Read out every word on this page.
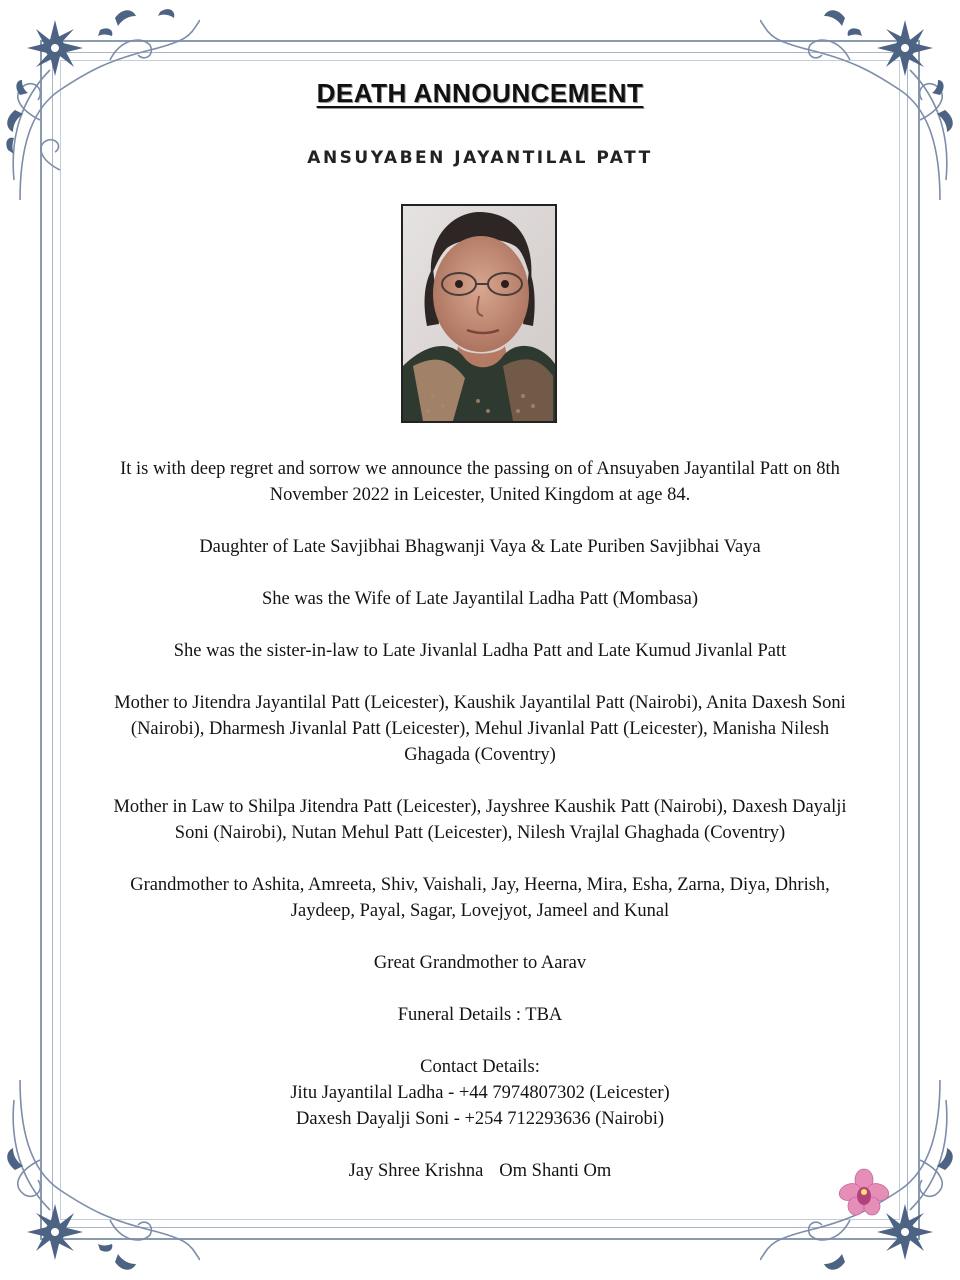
DEATH ANNOUNCEMENT
ANSUYABEN JAYANTILAL PATT

It is with deep regret and sorrow we announce the passing on of Ansuyaben Jayantilal Patt on 8th November 2022 in Leicester, United Kingdom at age 84.

Daughter of Late Savjibhai Bhagwanji Vaya & Late Puriben Savjibhai Vaya

She was the Wife of Late Jayantilal Ladha Patt (Mombasa)

She was the sister-in-law to Late Jivanlal Ladha Patt and Late Kumud Jivanlal Patt

Mother to Jitendra Jayantilal Patt (Leicester), Kaushik Jayantilal Patt (Nairobi), Anita Daxesh Soni (Nairobi), Dharmesh Jivanlal Patt (Leicester), Mehul Jivanlal Patt (Leicester), Manisha Nilesh Ghagada (Coventry)

Mother in Law to Shilpa Jitendra Patt (Leicester), Jayshree Kaushik Patt (Nairobi), Daxesh Dayalji Soni (Nairobi), Nutan Mehul Patt (Leicester), Nilesh Vrajlal Ghaghada (Coventry)

Grandmother to Ashita, Amreeta, Shiv, Vaishali, Jay, Heerna, Mira, Esha, Zarna, Diya, Dhrish, Jaydeep, Payal, Sagar, Lovejyot, Jameel and Kunal

Great Grandmother to Aarav

Funeral Details : TBA

Contact Details:
Jitu Jayantilal Ladha - +44 7974807302 (Leicester)
Daxesh Dayalji Soni - +254 712293636 (Nairobi)

Jay Shree Krishna Om Shanti Om
